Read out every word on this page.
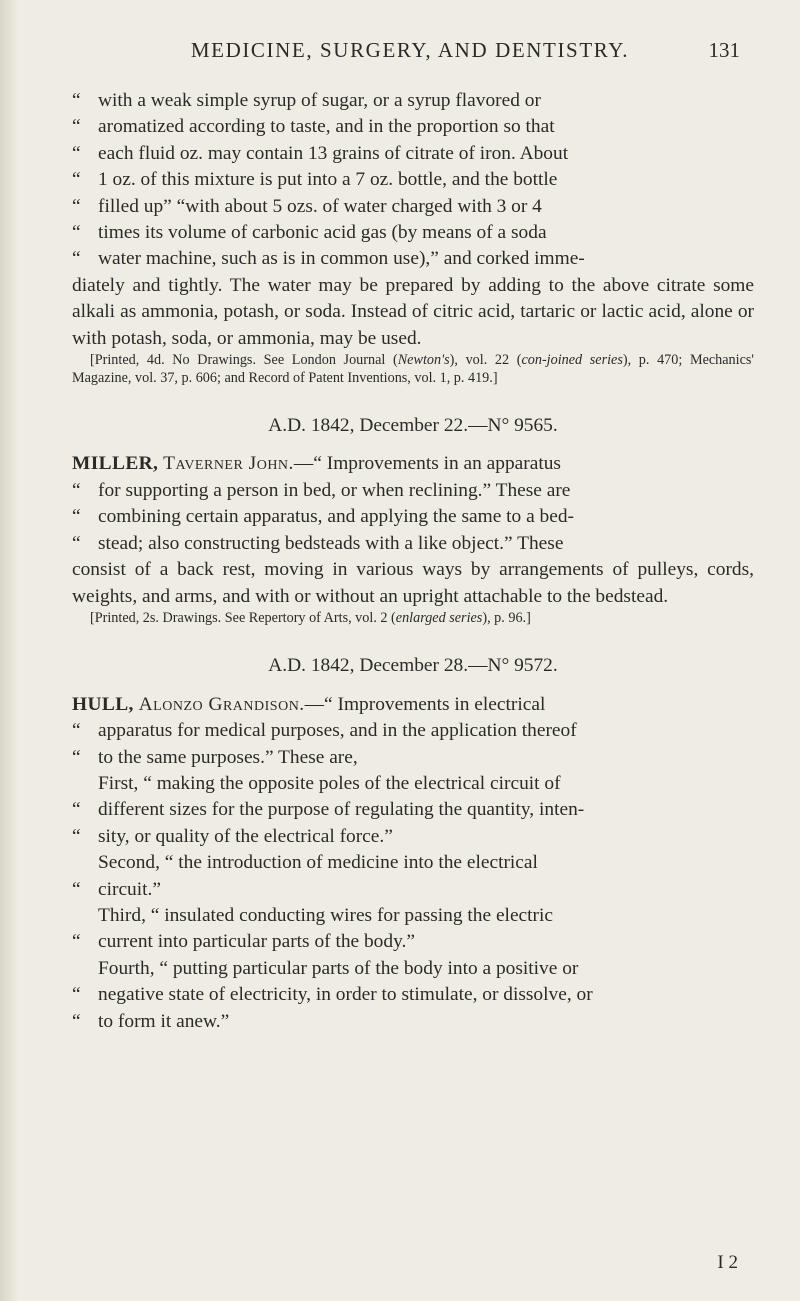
MEDICINE, SURGERY, AND DENTISTRY.	131

“ with a weak simple syrup of sugar, or a syrup flavored or

“ aromatized according to taste, and in the proportion so that

“ each fluid oz. may contain 13 grains of citrate of iron. About

“ 1 oz. of this mixture is put into a 7 oz. bottle, and the bottle

“ filled up” “with about 5 ozs. of water charged with 3 or 4

“ times its volume of carbonic acid gas (by means of a soda

“ water machine, such as is in common use),” and corked imme-

diately and tightly. The water may be prepared by adding to the above citrate some alkali as ammonia, potash, or soda. Instead of citric acid, tartaric or lactic acid, alone or with potash, soda, or ammonia, may be used.

[Printed, 4d. No Drawings. See London Journal (Newton's), vol. 22 (con-joined series), p. 470; Mechanics' Magazine, vol. 37, p. 606; and Record of Patent Inventions, vol. 1, p. 419.]

A.D. 1842, December 22.—N° 9565.

MILLER, Taverner John.—“ Improvements in an apparatus

“ for supporting a person in bed, or when reclining.” These are

“ combining certain apparatus, and applying the same to a bed-

“ stead; also constructing bedsteads with a like object.” These

consist of a back rest, moving in various ways by arrangements of pulleys, cords, weights, and arms, and with or without an upright attachable to the bedstead.

[Printed, 2s. Drawings. See Repertory of Arts, vol. 2 (enlarged series), p. 96.]

A.D. 1842, December 28.—N° 9572.

HULL, Alonzo Grandison.—“ Improvements in electrical

“ apparatus for medical purposes, and in the application thereof

“ to the same purposes.” These are,

First, “ making the opposite poles of the electrical circuit of

“ different sizes for the purpose of regulating the quantity, inten-

“ sity, or quality of the electrical force.”

Second, “ the introduction of medicine into the electrical

“ circuit.”

Third, “ insulated conducting wires for passing the electric

“ current into particular parts of the body.”

Fourth, “ putting particular parts of the body into a positive or

“ negative state of electricity, in order to stimulate, or dissolve, or

“ to form it anew.”

I 2
